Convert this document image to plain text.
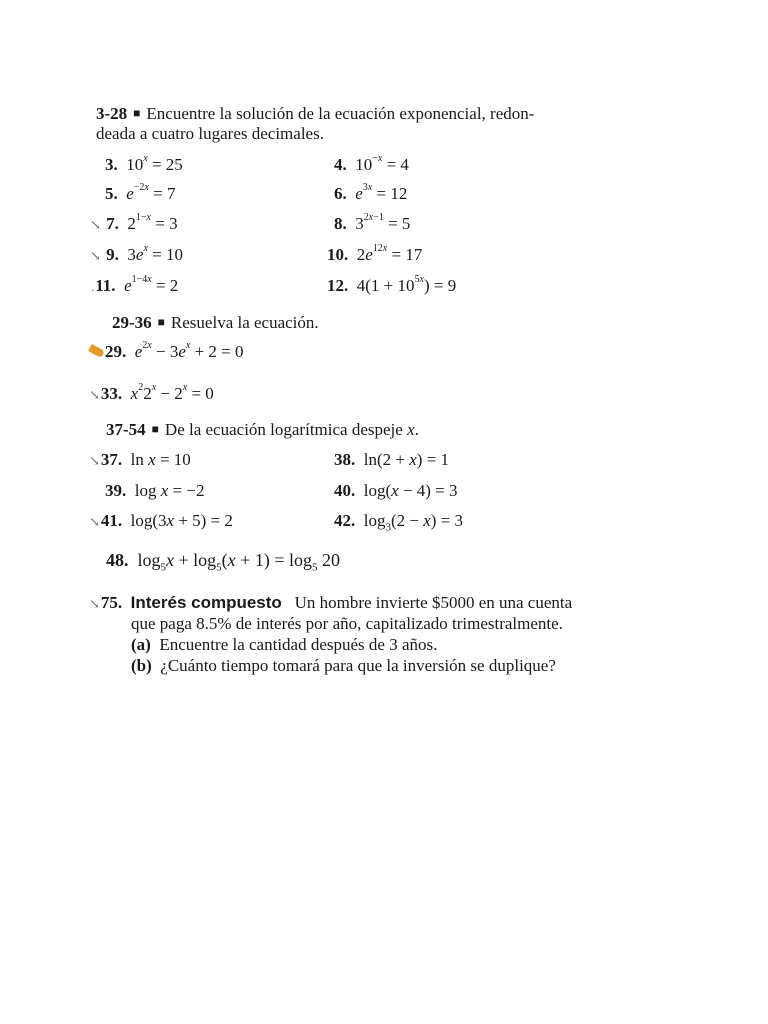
3-28 ■ Encuentre la solución de la ecuación exponencial, redon-
deada a cuatro lugares decimales.
3.  $10^x = 25$	4.  $10^{-x} = 4$
5. $e^{-2x} = 7$	6. $e^{3x} = 12$
↘ 7.  $2^{1-x} = 3$	8.  $3^{2x-1} = 5$
↘ 9.  $3e^x = 10$	10.  $2e^{12x} = 17$
.11. $e^{1-4x} = 2$	12.  $4(1 + 10^{5x}) = 9$
29-36 ■ Resuelva la ecuación.
29. $e^{2x} - 3e^x + 2 = 0$
↘33. $x^22^x - 2^x = 0$
37-54 ■ De la ecuación logarítmica despeje x.
↘37.  ln x = 10	38.  ln(2 + x) = 1
39.  log x = −2	40.  log(x − 4) = 3
↘41.  log(3x + 5) = 2	42.  $\log_3(2 - x) = 3$
48.  $\log_5x + \log_5(x + 1) = \log_5 20$
↘75. Interés compuesto Un hombre invierte $5000 en una cuenta
que paga 8.5% de interés por año, capitalizado trimestralmente.
(a) Encuentre la cantidad después de 3 años.
(b) ¿Cuánto tiempo tomará para que la inversión se duplique?
